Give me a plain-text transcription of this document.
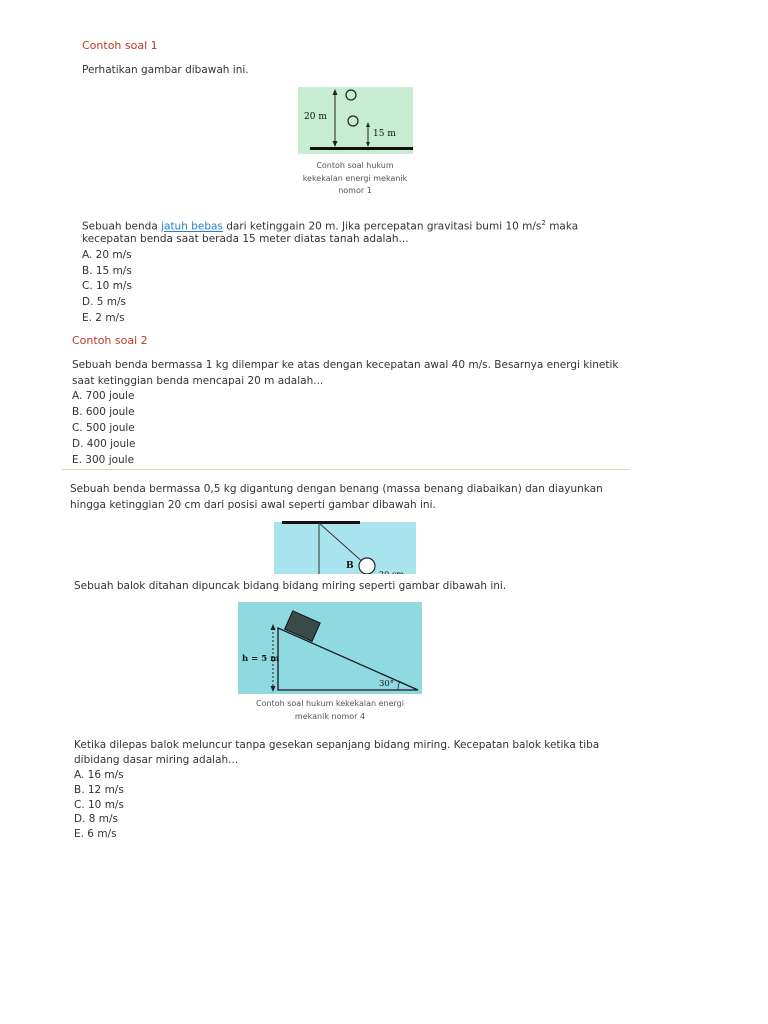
Contoh soal 1
Perhatikan gambar dibawah ini.
20 m
15 m
Contoh soal hukum
kekekalan energi mekanik
nomor 1
Sebuah benda jatuh bebas dari ketinggain 20 m. Jika percepatan gravitasi bumi 10 $m/s^2$ maka
kecepatan benda saat berada 15 meter diatas tanah adalah...
A. 20 m/s
B. 15 m/s
C. 10 m/s
D. 5 m/s
E. 2 m/s
Contoh soal 2
Sebuah benda bermassa 1 kg dilempar ke atas dengan kecepatan awal 40 m/s. Besarnya energi kinetik
saat ketinggian benda mencapai 20 m adalah...
A. 700 joule
B. 600 joule
C. 500 joule
D. 400 joule
E. 300 joule
Sebuah benda bermassa 0,5 kg digantung dengan benang (massa benang diabaikan) dan diayunkan
hingga ketinggian 20 cm dari posisi awal seperti gambar dibawah ini.
B
Sebuah balok ditahan dipuncak bidang bidang miring seperti gambar dibawah ini.
h = 5 m
30°
Contoh soal hukum kekekalan energi
mekanik nomor 4
Ketika dilepas balok meluncur tanpa gesekan sepanjang bidang miring. Kecepatan balok ketika tiba
dibidang dasar miring adalah...
A. 16 m/s
B. 12 m/s
C. 10 m/s
D. 8 m/s
E. 6 m/s
